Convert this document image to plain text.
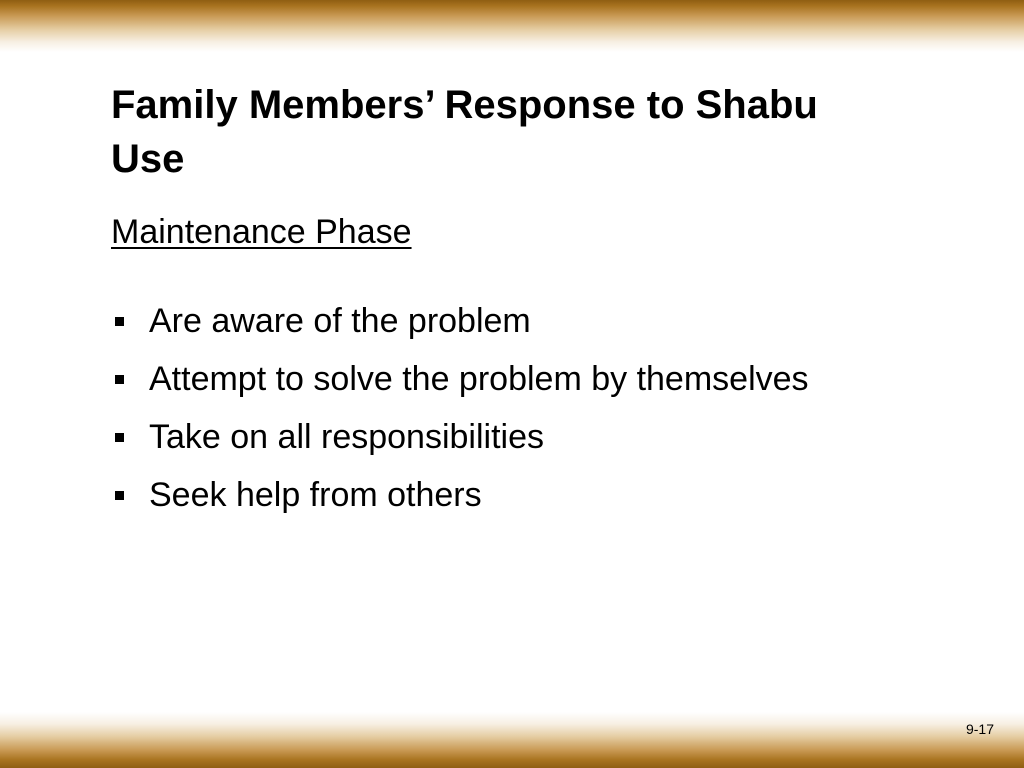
Family Members’ Response to Shabu Use
Maintenance Phase
Are aware of the problem
Attempt to solve the problem by themselves
Take on all responsibilities
Seek help from others
9-17
